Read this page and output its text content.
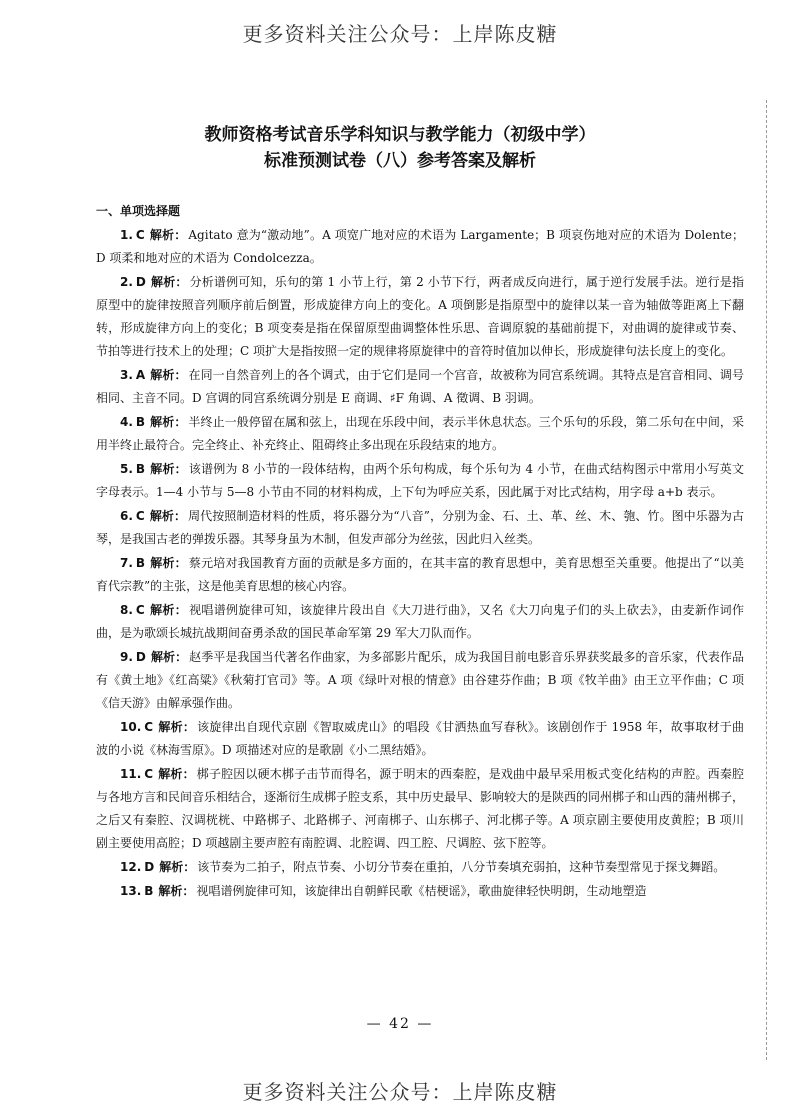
更多资料关注公众号：上岸陈皮糖
教师资格考试音乐学科知识与教学能力（初级中学）
标准预测试卷（八）参考答案及解析
一、单项选择题

1. C 解析： Agitato 意为“激动地”。A 项宽广地对应的术语为 Largamente；B 项哀伤地对应的术语为 Dolente；D 项柔和地对应的术语为 Condolcezza。

2. D 解析： 分析谱例可知，乐句的第 1 小节上行，第 2 小节下行，两者成反向进行，属于逆行发展手法。逆行是指原型中的旋律按照音列顺序前后倒置，形成旋律方向上的变化。A 项倒影是指原型中的旋律以某一音为轴做等距离上下翻转，形成旋律方向上的变化；B 项变奏是指在保留原型曲调整体性乐思、音调原貌的基础前提下，对曲调的旋律或节奏、节拍等进行技术上的处理；C 项扩大是指按照一定的规律将原旋律中的音符时值加以伸长，形成旋律句法长度上的变化。

3. A 解析： 在同一自然音列上的各个调式，由于它们是同一个宫音，故被称为同宫系统调。其特点是宫音相同、调号相同、主音不同。D 宫调的同宫系统调分别是 E 商调、♯F 角调、A 徵调、B 羽调。

4. B 解析： 半终止一般停留在属和弦上，出现在乐段中间，表示半休息状态。三个乐句的乐段，第二乐句在中间，采用半终止最符合。完全终止、补充终止、阻碍终止多出现在乐段结束的地方。

5. B 解析： 该谱例为 8 小节的一段体结构，由两个乐句构成，每个乐句为 4 小节，在曲式结构图示中常用小写英文字母表示。1—4 小节与 5—8 小节由不同的材料构成，上下句为呼应关系，因此属于对比式结构，用字母 a+b 表示。

6. C 解析： 周代按照制造材料的性质，将乐器分为“八音”，分别为金、石、土、革、丝、木、匏、竹。图中乐器为古琴，是我国古老的弹拨乐器。其琴身虽为木制，但发声部分为丝弦，因此归入丝类。

7. B 解析： 蔡元培对我国教育方面的贡献是多方面的，在其丰富的教育思想中，美育思想至关重要。他提出了“以美育代宗教”的主张，这是他美育思想的核心内容。

8. C 解析： 视唱谱例旋律可知，该旋律片段出自《大刀进行曲》，又名《大刀向鬼子们的头上砍去》，由麦新作词作曲，是为歌颂长城抗战期间奋勇杀敌的国民革命军第 29 军大刀队而作。

9. D 解析： 赵季平是我国当代著名作曲家，为多部影片配乐，成为我国目前电影音乐界获奖最多的音乐家，代表作品有《黄土地》《红高粱》《秋菊打官司》等。A 项《绿叶对根的情意》由谷建芬作曲；B 项《牧羊曲》由王立平作曲；C 项《信天游》由解承强作曲。

10. C 解析： 该旋律出自现代京剧《智取威虎山》的唱段《甘洒热血写春秋》。该剧创作于 1958 年，故事取材于曲波的小说《林海雪原》。D 项描述对应的是歌剧《小二黑结婚》。

11. C 解析： 梆子腔因以硬木梆子击节而得名，源于明末的西秦腔，是戏曲中最早采用板式变化结构的声腔。西秦腔与各地方言和民间音乐相结合，逐渐衍生成梆子腔支系，其中历史最早、影响较大的是陕西的同州梆子和山西的蒲州梆子，之后又有秦腔、汉调桄桄、中路梆子、北路梆子、河南梆子、山东梆子、河北梆子等。A 项京剧主要使用皮黄腔；B 项川剧主要使用高腔；D 项越剧主要声腔有南腔调、北腔调、四工腔、尺调腔、弦下腔等。

12. D 解析： 该节奏为二拍子，附点节奏、小切分节奏在重拍，八分节奏填充弱拍，这种节奏型常见于探戈舞蹈。

13. B 解析： 视唱谱例旋律可知，该旋律出自朝鲜民歌《桔梗谣》，歌曲旋律轻快明朗，生动地塑造

— 42 —
更多资料关注公众号：上岸陈皮糖
